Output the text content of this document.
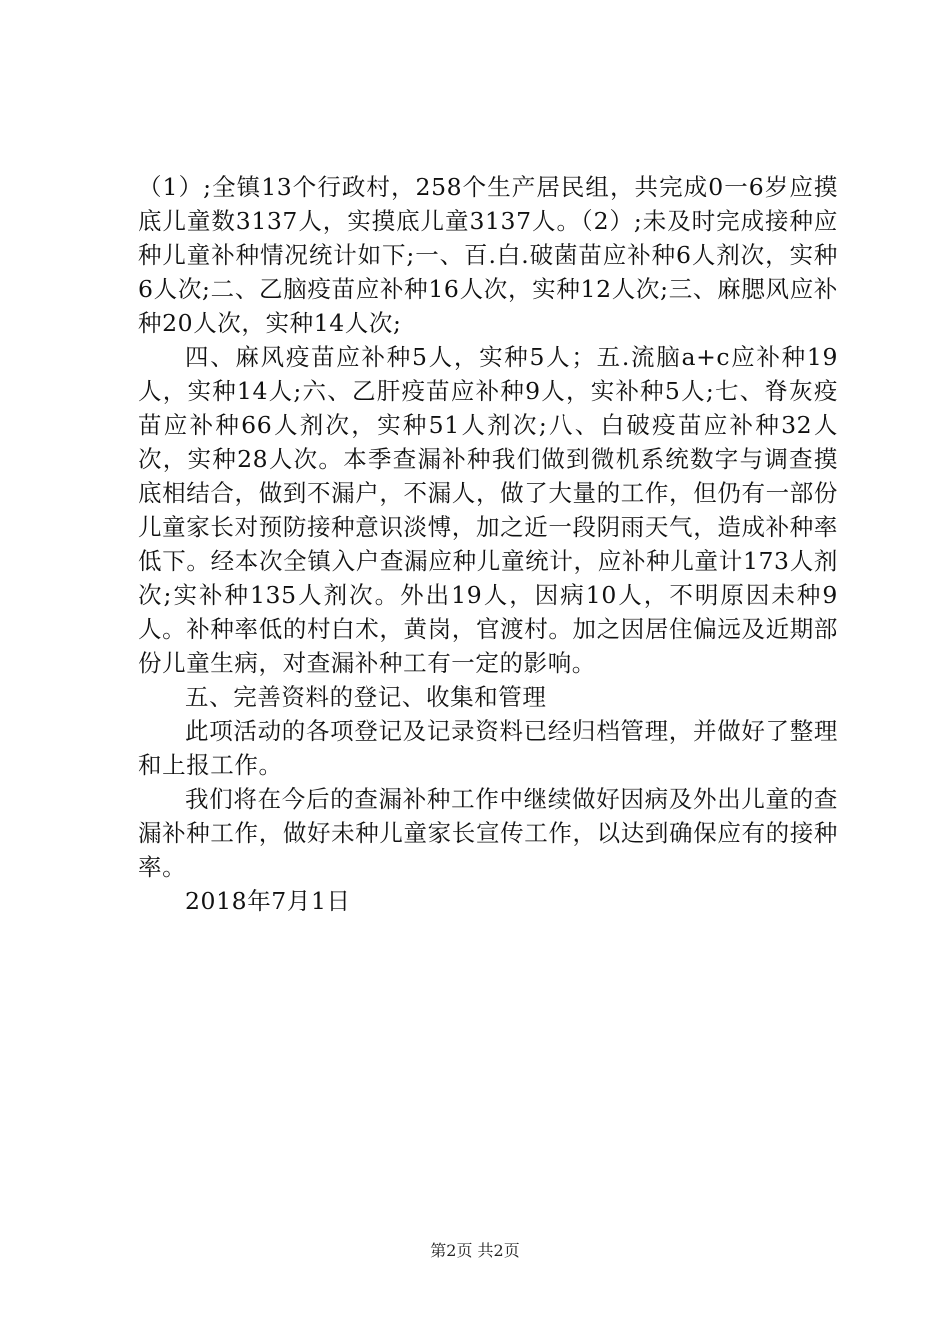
（1）;全镇13个行政村，258个生产居民组，共完成0一6岁应摸底儿童数3137人，实摸底儿童3137人。（2）;未及时完成接种应种儿童补种情况统计如下;一、百.白.破菌苗应补种6人剂次，实种6人次;二、乙脑疫苗应补种16人次，实种12人次;三、麻腮风应补种20人次，实种14人次;

四、麻风疫苗应补种5人，实种5人；五.流脑a+c应补种19人，实种14人;六、乙肝疫苗应补种9人，实补种5人;七、脊灰疫苗应补种66人剂次，实种51人剂次;八、白破疫苗应补种32人次，实种28人次。本季查漏补种我们做到微机系统数字与调查摸底相结合，做到不漏户，不漏人，做了大量的工作，但仍有一部份儿童家长对预防接种意识淡愽，加之近一段阴雨天气，造成补种率低下。经本次全镇入户查漏应种儿童统计，应补种儿童计173人剂次;实补种135人剂次。外出19人，因病10人，不明原因未种9人。补种率低的村白术，黄岗，官渡村。加之因居住偏远及近期部份儿童生病，对查漏补种工有一定的影响。

五、完善资料的登记、收集和管理

此项活动的各项登记及记录资料已经归档管理，并做好了整理和上报工作。

我们将在今后的查漏补种工作中继续做好因病及外出儿童的查漏补种工作，做好未种儿童家长宣传工作，以达到确保应有的接种率。

2018年7月1日

第2页 共2页
